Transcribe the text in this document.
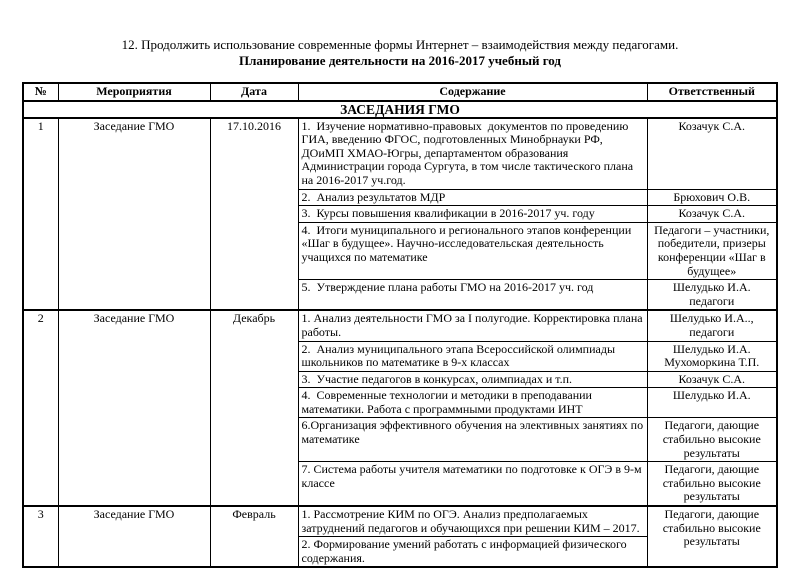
12. Продолжить использование современные формы Интернет – взаимодействия между педагогами.
Планирование деятельности на 2016-2017 учебный год
№	Мероприятия	Дата	Содержание	Ответственный
ЗАСЕДАНИЯ ГМО				
1	Заседание ГМО	17.10.2016	1.  Изучение нормативно-правовых  документов по проведению ГИА, введению ФГОС, подготовленных Минобрнауки РФ, ДОиМП ХМАО-Югры, департаментом образования Администрации города Сургута, в том числе тактического плана на 2016-2017 уч.год.	Козачук С.А.
			2.  Анализ результатов МДР	Брюхович О.В.
			3.  Курсы повышения квалификации в 2016-2017 уч. году	Козачук С.А.
			4.  Итоги муниципального и регионального этапов конференции «Шаг в будущее». Научно-исследовательская деятельность учащихся по математике	Педагоги – участники, победители, призеры конференции «Шаг в будущее»
			5.  Утверждение плана работы ГМО на 2016-2017 уч. год	Шелудько И.А. педагоги
2	Заседание ГМО	Декабрь	1. Анализ деятельности ГМО за I полугодие. Корректировка плана работы.	Шелудько И.А.., педагоги
			2.  Анализ муниципального этапа Всероссийской олимпиады школьников по математике в 9-х классах	Шелудько И.А. Мухоморкина Т.П.
			3.  Участие педагогов в конкурсах, олимпиадах и т.п.	Козачук С.А.
			4.  Современные технологии и методики в преподавании математики. Работа с программными продуктами ИНТ	Шелудько И.А.
			6.Организация эффективного обучения на элективных занятиях по математике	Педагоги, дающие стабильно высокие результаты
			7. Система работы учителя математики по подготовке к ОГЭ в 9-м классе	Педагоги, дающие стабильно высокие результаты
3	Заседание ГМО	Февраль	1. Рассмотрение КИМ по ОГЭ. Анализ предполагаемых затруднений педагогов и обучающихся при решении КИМ – 2017.	Педагоги, дающие стабильно высокие результаты
			2. Формирование умений работать с информацией физического содержания.	
